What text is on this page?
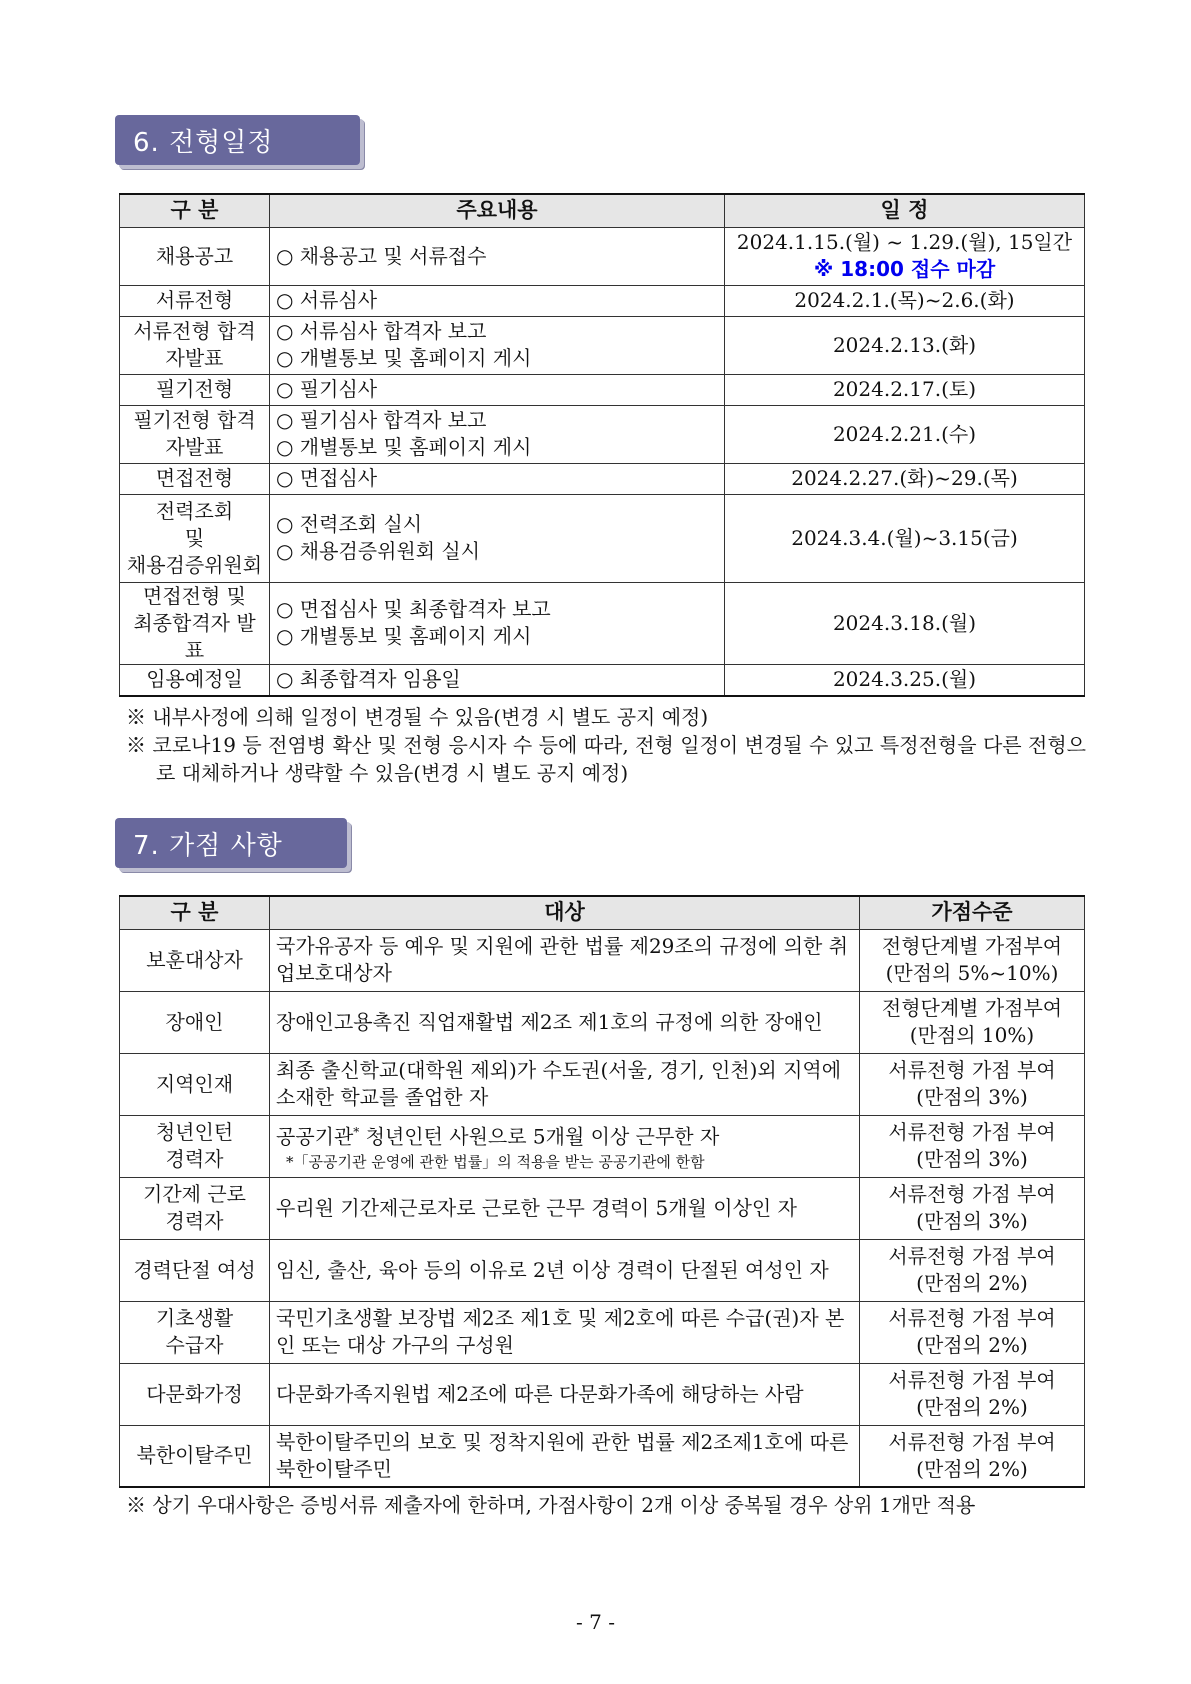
6. 전형일정
구 분	주요내용	일 정
채용공고	○ 채용공고 및 서류접수	2024.1.15.(월) ~ 1.29.(월), 15일간
※ 18:00 접수 마감

서류전형	○ 서류심사	2024.2.1.(목)~2.6.(화)
서류전형 합격자발표	○ 서류심사 합격자 보고
○ 개별통보 및 홈페이지 게시	2024.2.13.(화)
필기전형	○ 필기심사	2024.2.17.(토)
필기전형 합격자발표	○ 필기심사 합격자 보고
○ 개별통보 및 홈페이지 게시	2024.2.21.(수)
면접전형	○ 면접심사	2024.2.27.(화)~29.(목)
전력조회
및
채용검증위원회	○ 전력조회 실시
○ 채용검증위원회 실시	2024.3.4.(월)~3.15(금)
면접전형 및
최종합격자 발표	○ 면접심사 및 최종합격자 보고
○ 개별통보 및 홈페이지 게시	2024.3.18.(월)
임용예정일	○ 최종합격자 임용일	2024.3.25.(월)

※ 내부사정에 의해 일정이 변경될 수 있음(변경 시 별도 공지 예정)

※ 코로나19 등 전염병 확산 및 전형 응시자 수 등에 따라, 전형 일정이 변경될 수 있고 특정전형을 다른 전형으로 대체하거나 생략할 수 있음(변경 시 별도 공지 예정)

7. 가점 사항
구 분	대상	가점수준
보훈대상자	국가유공자 등 예우 및 지원에 관한 법률 제29조의 규정에 의한 취업보호대상자	전형단계별 가점부여
(만점의 5%~10%)
장애인	장애인고용촉진 직업재활법 제2조 제1호의 규정에 의한 장애인	전형단계별 가점부여
(만점의 10%)
지역인재	최종 출신학교(대학원 제외)가 수도권(서울, 경기, 인천)외 지역에 소재한 학교를 졸업한 자	서류전형 가점 부여
(만점의 3%)
청년인턴
경력자	공공기관* 청년인턴 사원으로 5개월 이상 근무한 자
*「공공기관 운영에 관한 법률」의 적용을 받는 공공기관에 한함	서류전형 가점 부여
(만점의 3%)
기간제 근로
경력자	우리원 기간제근로자로 근로한 근무 경력이 5개월 이상인 자	서류전형 가점 부여
(만점의 3%)
경력단절 여성	임신, 출산, 육아 등의 이유로 2년 이상 경력이 단절된 여성인 자	서류전형 가점 부여
(만점의 2%)
기초생활
수급자	국민기초생활 보장법 제2조 제1호 및 제2호에 따른 수급(권)자 본인 또는 대상 가구의 구성원	서류전형 가점 부여
(만점의 2%)
다문화가정	다문화가족지원법 제2조에 따른 다문화가족에 해당하는 사람	서류전형 가점 부여
(만점의 2%)
북한이탈주민	북한이탈주민의 보호 및 정착지원에 관한 법률 제2조제1호에 따른 북한이탈주민	서류전형 가점 부여
(만점의 2%)

※ 상기 우대사항은 증빙서류 제출자에 한하며, 가점사항이 2개 이상 중복될 경우 상위 1개만 적용

- 7 -
